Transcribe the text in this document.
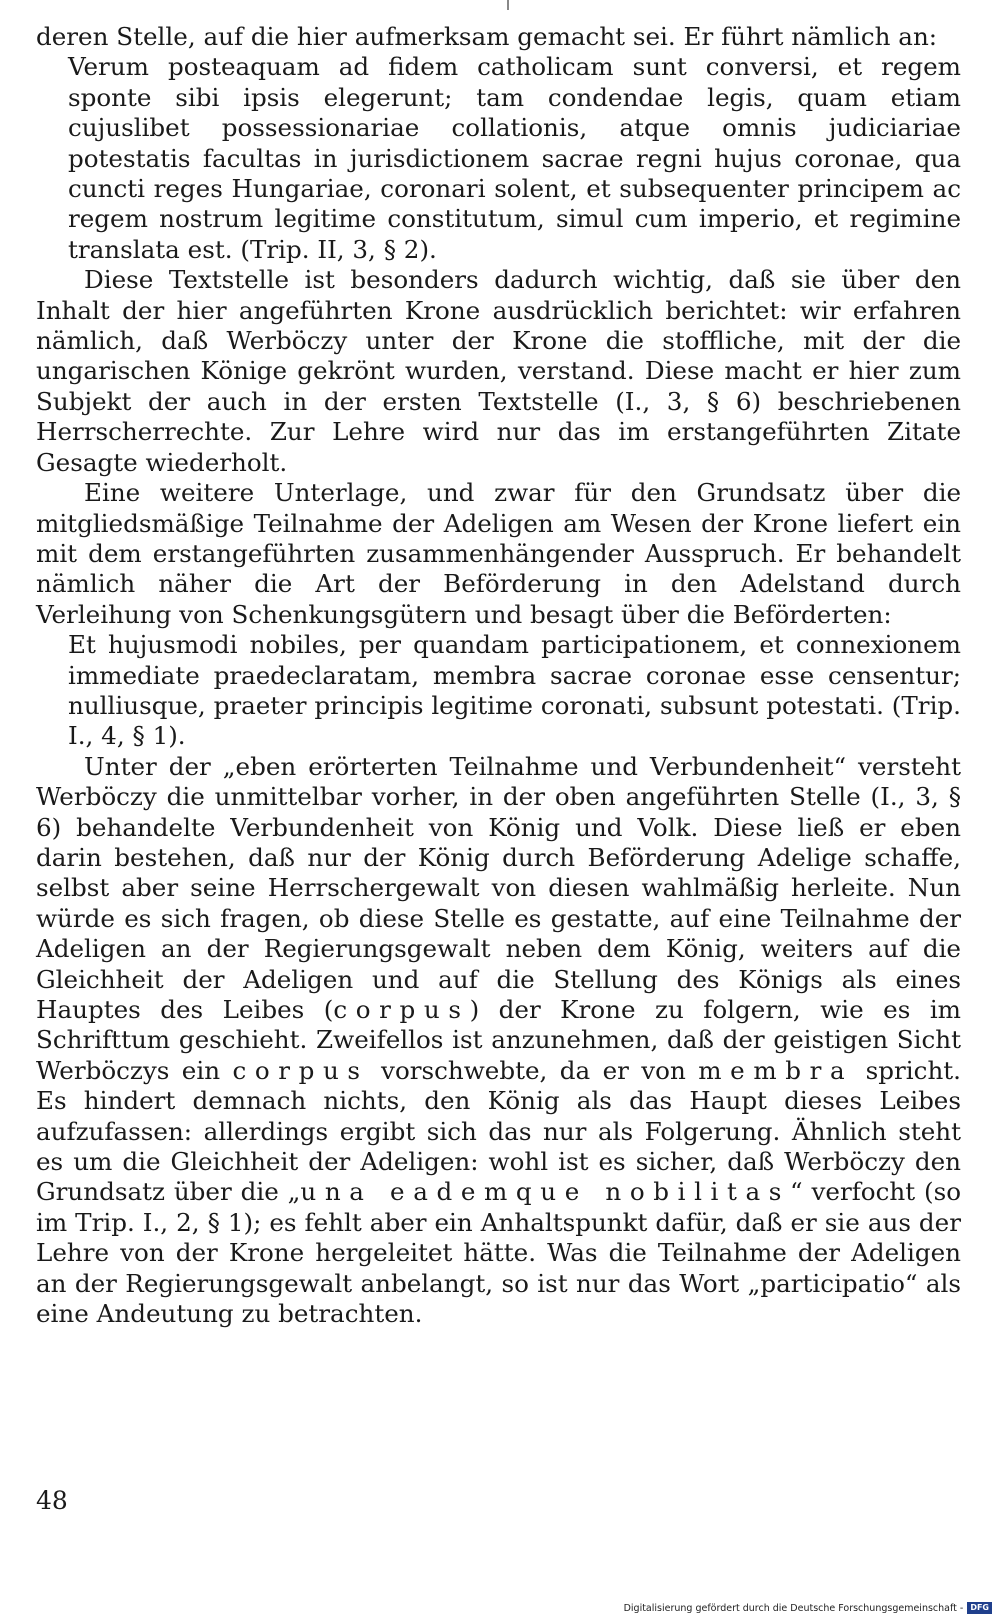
deren Stelle, auf die hier aufmerksam gemacht sei. Er führt nämlich an:

Verum posteaquam ad fidem catholicam sunt conversi, et regem sponte sibi ipsis elegerunt; tam condendae legis, quam etiam cujuslibet possessionariae collationis, atque omnis judiciariae potestatis facultas in jurisdictionem sacrae regni hujus coronae, qua cuncti reges Hungariae, coronari solent, et subsequenter principem ac regem nostrum legitime constitutum, simul cum imperio, et regimine translata est. (Trip. II, 3, § 2).

Diese Textstelle ist besonders dadurch wichtig, daß sie über den Inhalt der hier angeführten Krone ausdrücklich berichtet: wir erfahren nämlich, daß Werböczy unter der Krone die stoffliche, mit der die ungarischen Könige gekrönt wurden, verstand. Diese macht er hier zum Subjekt der auch in der ersten Textstelle (I., 3, § 6) beschriebenen Herrscherrechte. Zur Lehre wird nur das im erstangeführten Zitate Gesagte wiederholt.

Eine weitere Unterlage, und zwar für den Grundsatz über die mitgliedsmäßige Teilnahme der Adeligen am Wesen der Krone liefert ein mit dem erstangeführten zusammenhängender Ausspruch. Er behandelt nämlich näher die Art der Beförderung in den Adelstand durch Verleihung von Schenkungsgütern und besagt über die Beförderten:

Et hujusmodi nobiles, per quandam participationem, et connexionem immediate praedeclaratam, membra sacrae coronae esse censentur; nulliusque, praeter principis legitime coronati, subsunt potestati. (Trip. I., 4, § 1).

Unter der „eben erörterten Teilnahme und Verbundenheit“ versteht Werböczy die unmittelbar vorher, in der oben angeführten Stelle (I., 3, § 6) behandelte Verbundenheit von König und Volk. Diese ließ er eben darin bestehen, daß nur der König durch Beförderung Adelige schaffe, selbst aber seine Herrschergewalt von diesen wahlmäßig herleite. Nun würde es sich fragen, ob diese Stelle es gestatte, auf eine Teilnahme der Adeligen an der Regierungsgewalt neben dem König, weiters auf die Gleichheit der Adeligen und auf die Stellung des Königs als eines Hauptes des Leibes (corpus) der Krone zu folgern, wie es im Schrifttum geschieht. Zweifellos ist anzunehmen, daß der geistigen Sicht Werböczys ein corpus vorschwebte, da er von membra spricht. Es hindert demnach nichts, den König als das Haupt dieses Leibes aufzufassen: allerdings ergibt sich das nur als Folgerung. Ähnlich steht es um die Gleichheit der Adeligen: wohl ist es sicher, daß Werböczy den Grundsatz über die „una eademque nobilitas“ verfocht (so im Trip. I., 2, § 1); es fehlt aber ein Anhaltspunkt dafür, daß er sie aus der Lehre von der Krone hergeleitet hätte. Was die Teilnahme der Adeligen an der Regierungsgewalt anbelangt, so ist nur das Wort „participatio“ als eine Andeutung zu betrachten.

48
Digitalisierung gefördert durch die Deutsche Forschungsgemeinschaft - DFG
